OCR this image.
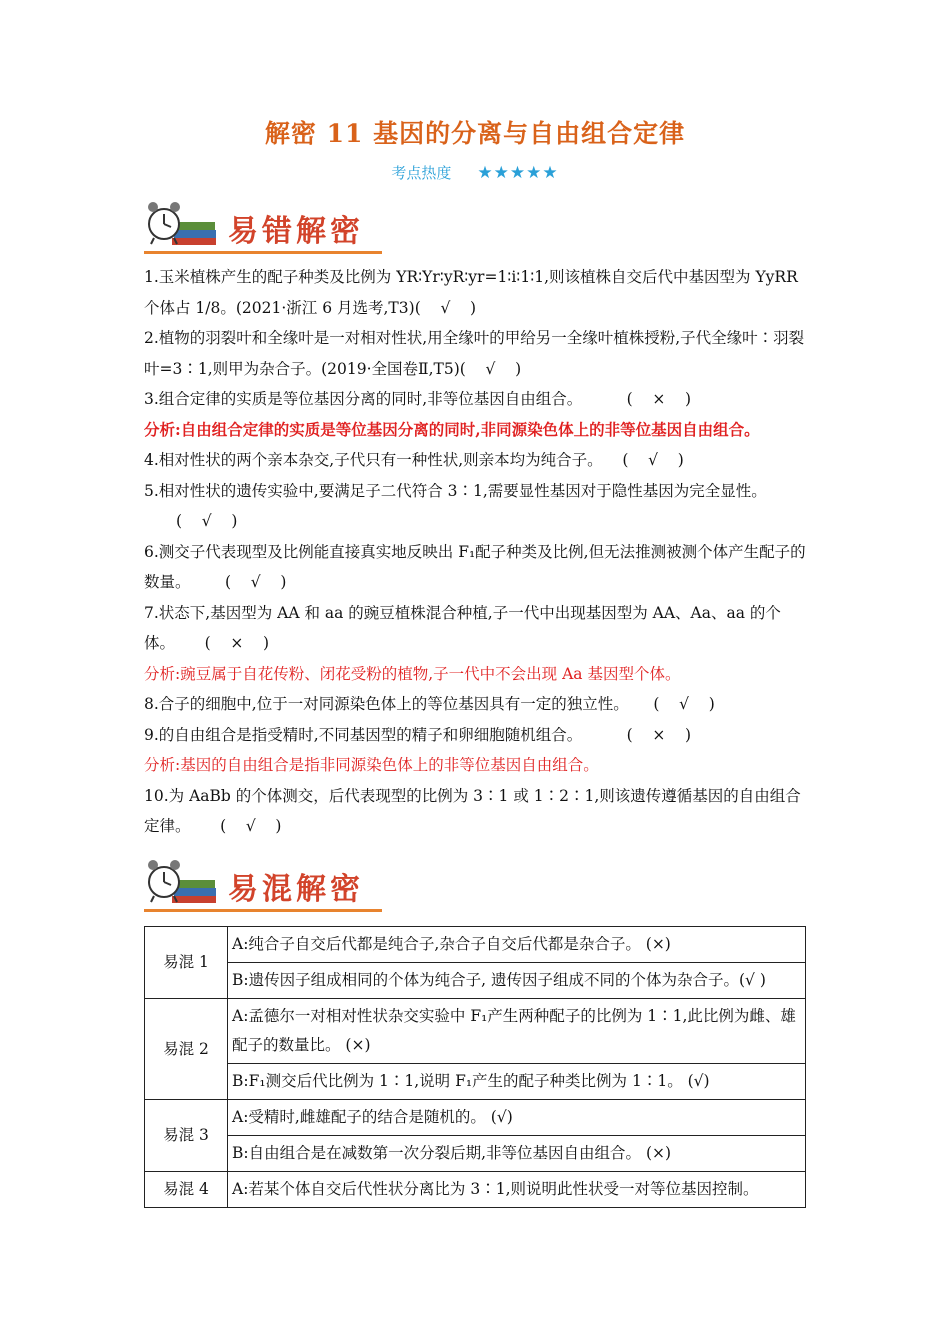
解密 11 基因的分离与自由组合定律
考点热度 ★★★★★
易错解密

1.玉米植株产生的配子种类及比例为 YR∶Yr∶yR∶yr=1∶i∶1∶1,则该植株自交后代中基因型为 YyRR 个体占 1/8。(2021·浙江 6 月选考,T3)(    √    )

2.植物的羽裂叶和全缘叶是一对相对性状,用全缘叶的甲给另一全缘叶植株授粉,子代全缘叶∶羽裂叶=3∶1,则甲为杂合子。(2019·全国卷Ⅱ,T5)(    √    )

3.组合定律的实质是等位基因分离的同时,非等位基因自由组合。	(    ×    )

分析:自由组合定律的实质是等位基因分离的同时,非同源染色体上的非等位基因自由组合。

4.相对性状的两个亲本杂交,子代只有一种性状,则亲本均为纯合子。 (    √    )

5.相对性状的遗传实验中,要满足子二代符合 3∶1,需要显性基因对于隐性基因为完全显性。
(    √    )

6.测交子代表现型及比例能直接真实地反映出 F₁配子种类及比例,但无法推测被测个体产生配子的数量。 (    √    )

7.状态下,基因型为 AA 和 aa 的豌豆植株混合种植,子一代中出现基因型为 AA、Aa、aa 的个体。 (    ×    )

分析:豌豆属于自花传粉、闭花受粉的植物,子一代中不会出现 Aa 基因型个体。

8.合子的细胞中,位于一对同源染色体上的等位基因具有一定的独立性。 (    √    )

9.的自由组合是指受精时,不同基因型的精子和卵细胞随机组合。	(    ×    )

分析:基因的自由组合是指非同源染色体上的非等位基因自由组合。

10.为 AaBb 的个体测交，后代表现型的比例为 3∶1 或 1∶2∶1,则该遗传遵循基因的自由组合定律。 (    √    )

易混解密
易混 1	A:纯合子自交后代都是纯合子,杂合子自交后代都是杂合子。 (×)
	B:遗传因子组成相同的个体为纯合子, 遗传因子组成不同的个体为杂合子。(√ )
易混 2	A:孟德尔一对相对性状杂交实验中 F₁产生两种配子的比例为 1∶1,此比例为雌、雄配子的数量比。 (×)
	B:F₁测交后代比例为 1∶1,说明 F₁产生的配子种类比例为 1∶1。 (√)
易混 3	A:受精时,雌雄配子的结合是随机的。 (√)
	B:自由组合是在减数第一次分裂后期,非等位基因自由组合。 (×)
易混 4	A:若某个体自交后代性状分离比为 3∶1,则说明此性状受一对等位基因控制。
